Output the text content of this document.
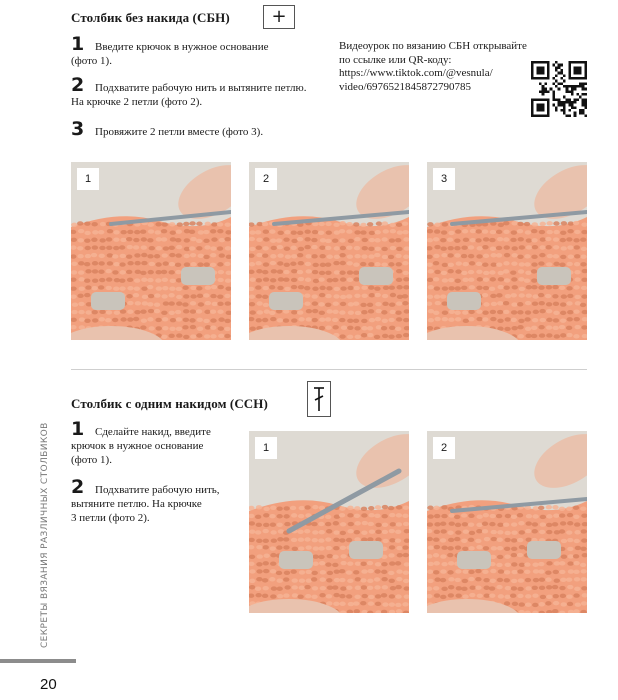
Столбик без накида (СБН) +
1 Введите крючок в нужное основание
(фото 1).
2 Подхватите рабочую нить и вытяните петлю.
На крючке 2 петли (фото 2).
3 Провяжите 2 петли вместе (фото 3).
Видеоурок по вязанию СБН открывайте
по ссылке или QR-коду:
https://www.tiktok.com/@vesnula/
video/6976521845872790785
1	2	3
Столбик с одним накидом (ССН)
1 Сделайте накид, введите
крючок в нужное основание
(фото 1).
2 Подхватите рабочую нить,
вытяните петлю. На крючке
3 петли (фото 2).
1	2
СЕКРЕТЫ ВЯЗАНИЯ РАЗЛИЧНЫХ СТОЛБИКОВ
20
